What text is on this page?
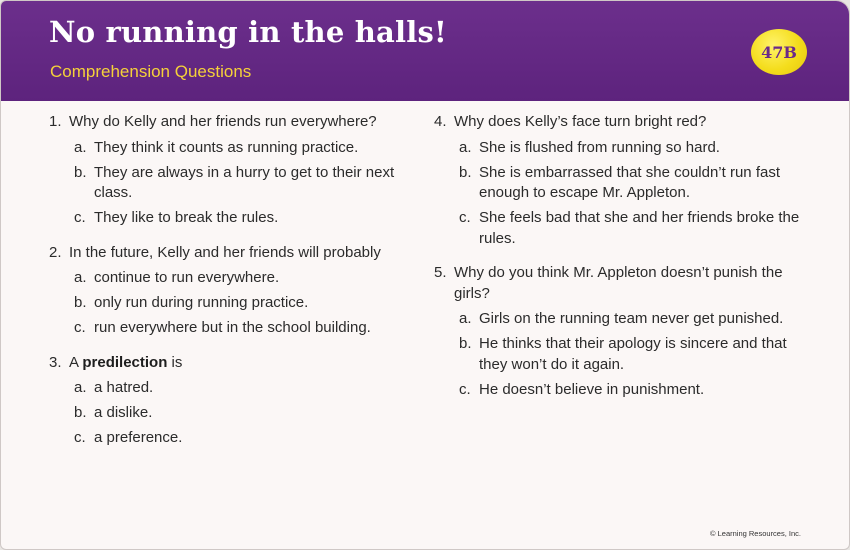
No running in the halls!
Comprehension Questions
47B
1. Why do Kelly and her friends run everywhere?
a. They think it counts as running practice.
b. They are always in a hurry to get to their next class.
c. They like to break the rules.
2. In the future, Kelly and her friends will probably
a. continue to run everywhere.
b. only run during running practice.
c. run everywhere but in the school building.
3. A predilection is
a. a hatred.
b. a dislike.
c. a preference.
4. Why does Kelly’s face turn bright red?
a. She is flushed from running so hard.
b. She is embarrassed that she couldn’t run fast enough to escape Mr. Appleton.
c. She feels bad that she and her friends broke the rules.
5. Why do you think Mr. Appleton doesn’t punish the girls?
a. Girls on the running team never get punished.
b. He thinks that their apology is sincere and that they won’t do it again.
c. He doesn’t believe in punishment.
© Learning Resources, Inc.
